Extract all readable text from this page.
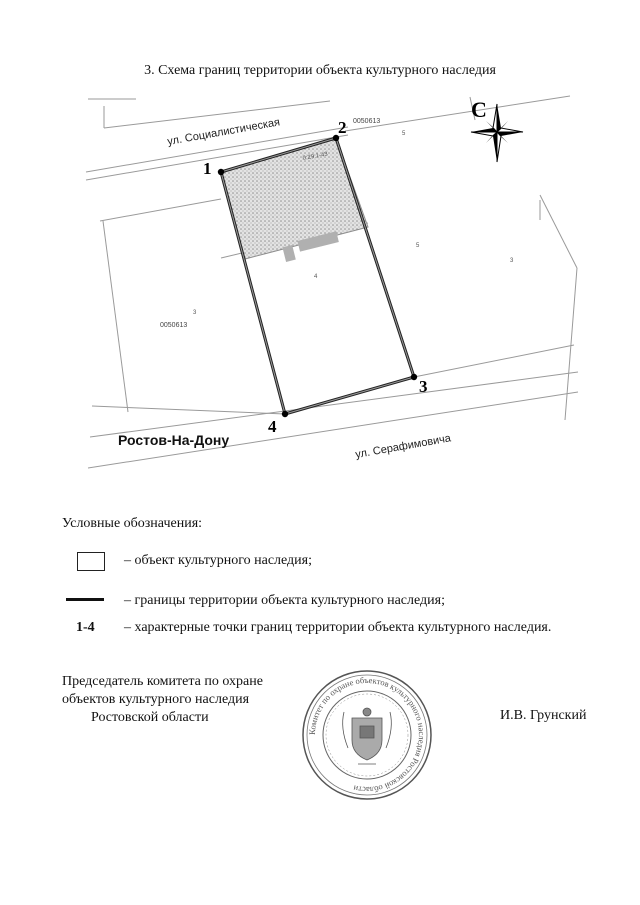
3. Схема границ территории объекта культурного наследия
1
2
3
4
ул. Социалистическая
ул. Серафимовича
Ростов-На-Дону
0050613
0050613
0:29:1-43
5
5
3
4
3
С
Условные обозначения:
– объект культурного наследия;
– границы территории объекта культурного наследия;
1-4 – характерные точки границ территории объекта культурного наследия.
Председатель комитета по охране
объектов культурного наследия
Ростовской области
Комитет по охране объектов культурного наследия Ростовской области
И.В. Грунский
